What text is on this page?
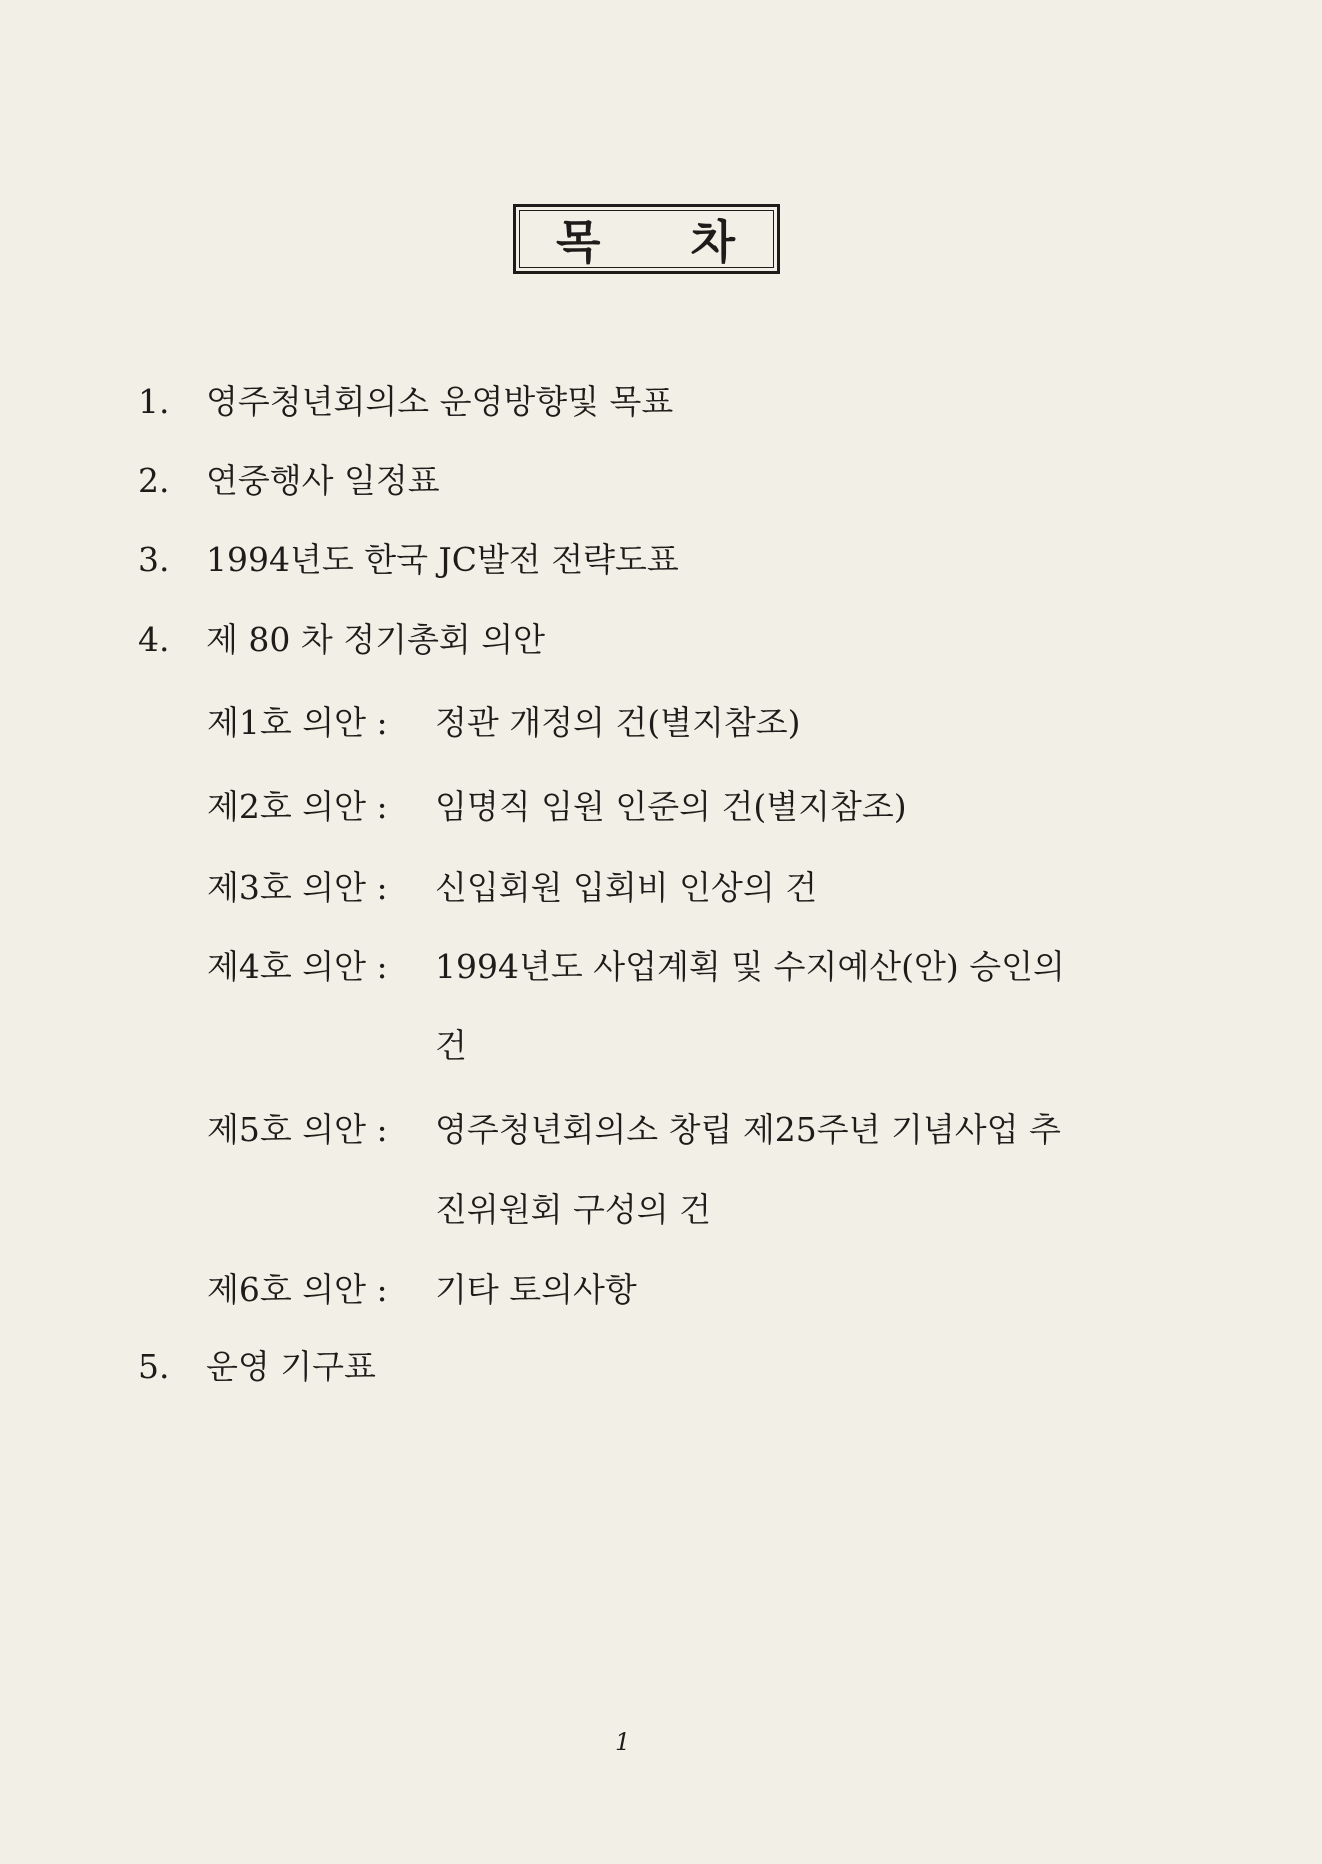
목 차
1. 영주청년회의소 운영방향및 목표
2. 연중행사 일정표
3. 1994년도 한국 JC발전 전략도표
4. 제 80 차 정기총회 의안
제1호 의안 : 정관 개정의 건(별지참조)
제2호 의안 : 임명직 임원 인준의 건(별지참조)
제3호 의안 : 신입회원 입회비 인상의 건
제4호 의안 : 1994년도 사업계획 및 수지예산(안) 승인의
건
제5호 의안 : 영주청년회의소 창립 제25주년 기념사업 추
진위원회 구성의 건
제6호 의안 : 기타 토의사항
5. 운영 기구표
1
